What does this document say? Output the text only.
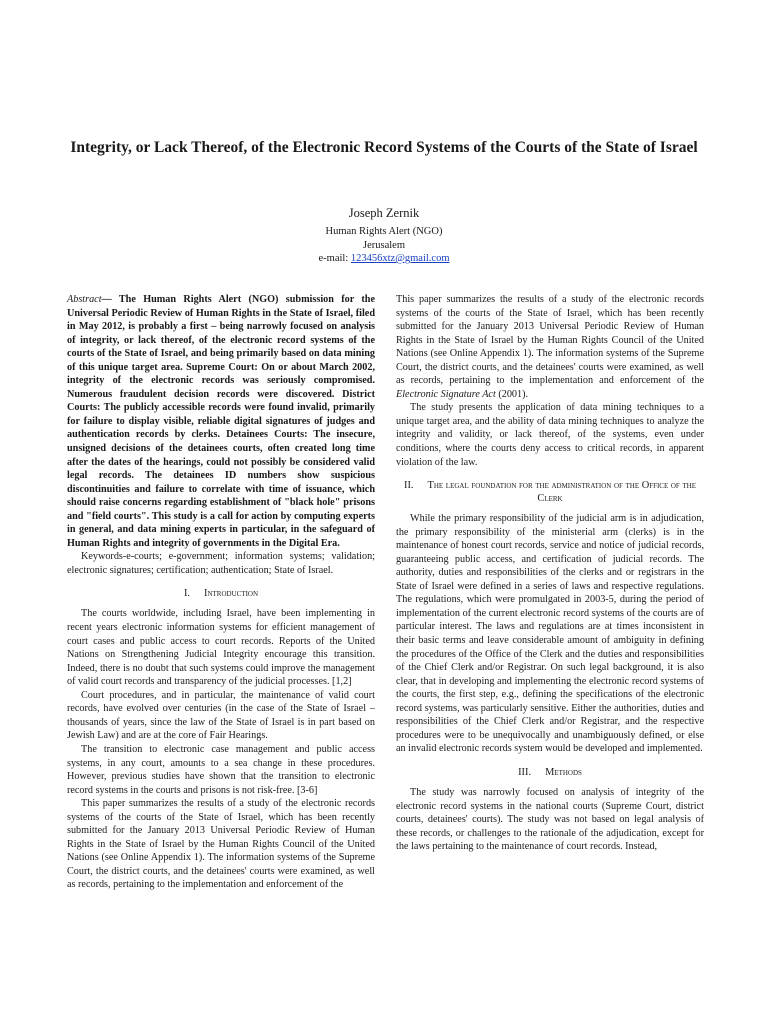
Integrity, or Lack Thereof, of the Electronic Record Systems of the Courts of the State of Israel
Joseph Zernik
Human Rights Alert (NGO)
Jerusalem
e-mail: 123456xtz@gmail.com

Abstract— The Human Rights Alert (NGO) submission for the Universal Periodic Review of Human Rights in the State of Israel, filed in May 2012, is probably a first – being narrowly focused on analysis of integrity, or lack thereof, of the electronic record systems of the courts of the State of Israel, and being primarily based on data mining of this unique target area. Supreme Court: On or about March 2002, integrity of the electronic records was seriously compromised. Numerous fraudulent decision records were discovered. District Courts: The publicly accessible records were found invalid, primarily for failure to display visible, reliable digital signatures of judges and authentication records by clerks. Detainees Courts: The insecure, unsigned decisions of the detainees courts, often created long time after the dates of the hearings, could not possibly be considered valid legal records. The detainees ID numbers show suspicious discontinuities and failure to correlate with time of issuance, which should raise concerns regarding establishment of "black hole" prisons and "field courts". This study is a call for action by computing experts in general, and data mining experts in particular, in the safeguard of Human Rights and integrity of governments in the Digital Era.

Keywords-e-courts; e-government; information systems; validation; electronic signatures; certification; authentication; State of Israel.

I. Introduction

The courts worldwide, including Israel, have been implementing in recent years electronic information systems for efficient management of court cases and public access to court records. Reports of the United Nations on Strengthening Judicial Integrity encourage this transition. Indeed, there is no doubt that such systems could improve the management of valid court records and transparency of the judicial processes. [1,2]

Court procedures, and in particular, the maintenance of valid court records, have evolved over centuries (in the case of the State of Israel – thousands of years, since the law of the State of Israel is in part based on Jewish Law) and are at the core of Fair Hearings.

The transition to electronic case management and public access systems, in any court, amounts to a sea change in these procedures. However, previous studies have shown that the transition to electronic record systems in the courts and prisons is not risk-free. [3-6]

This paper summarizes the results of a study of the electronic records systems of the courts of the State of Israel, which has been recently submitted for the January 2013 Universal Periodic Review of Human Rights in the State of Israel by the Human Rights Council of the United Nations (see Online Appendix 1). The information systems of the Supreme Court, the district courts, and the detainees' courts were examined, as well as records, pertaining to the implementation and enforcement of the

This paper summarizes the results of a study of the electronic records systems of the courts of the State of Israel, which has been recently submitted for the January 2013 Universal Periodic Review of Human Rights in the State of Israel by the Human Rights Council of the United Nations (see Online Appendix 1). The information systems of the Supreme Court, the district courts, and the detainees' courts were examined, as well as records, pertaining to the implementation and enforcement of the Electronic Signature Act (2001).

The study presents the application of data mining techniques to a unique target area, and the ability of data mining techniques to analyze the integrity and validity, or lack thereof, of the systems, even under conditions, where the courts deny access to critical records, in apparent violation of the law.

II. The legal foundation for the administration of the Office of the Clerk

While the primary responsibility of the judicial arm is in adjudication, the primary responsibility of the ministerial arm (clerks) is in the maintenance of honest court records, service and notice of judicial records, guaranteeing public access, and certification of judicial records. The authority, duties and responsibilities of the clerks and or registrars in the State of Israel were defined in a series of laws and respective regulations. The regulations, which were promulgated in 2003-5, during the period of implementation of the current electronic record systems of the courts are of particular interest. The laws and regulations are at times inconsistent in their basic terms and leave considerable amount of ambiguity in defining the procedures of the Office of the Clerk and the duties and responsibilities of the Chief Clerk and/or Registrar. On such legal background, it is also clear, that in developing and implementing the electronic record systems of the courts, the first step, e.g., defining the specifications of the electronic record systems, was particularly sensitive. Either the authorities, duties and responsibilities of the Chief Clerk and/or Registrar, and the respective procedures were to be unequivocally and unambiguously defined, or else an invalid electronic records system would be developed and implemented.

III. Methods

The study was narrowly focused on analysis of integrity of the electronic record systems in the national courts (Supreme Court, district courts, detainees' courts). The study was not based on legal analysis of these records, or challenges to the rationale of the adjudication, except for the laws pertaining to the maintenance of court records. Instead,
